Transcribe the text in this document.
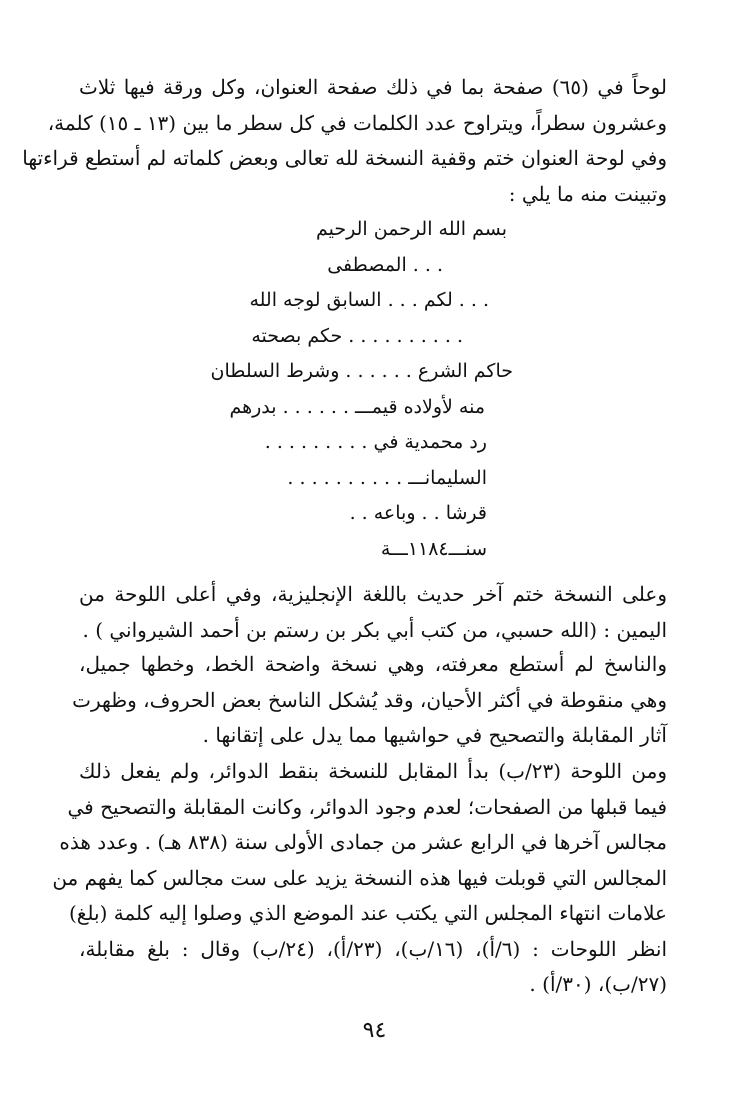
لوحاً في (٦٥) صفحة بما في ذلك صفحة العنوان، وكل ورقة فيها ثلاث
وعشرون سطراً، ويتراوح عدد الكلمات في كل سطر ما بين (١٣ ـ ١٥) كلمة،
وفي لوحة العنوان ختم وقفية النسخة لله تعالى وبعض كلماته لم أستطع قراءتها
وتبينت منه ما يلي :
بسم الله الرحمن الرحيم
. . . المصطفى
. . . لكم . . . السابق لوجه الله
. . . . . . . . . . حكم بصحته
حاكم الشرع . . . . . . وشرط السلطان
منه لأولاده قيمـــ . . . . . . بدرهم
رد محمدية في . . . . . . . . .
السليمانـــ . . . . . . . . . .
قرشا . . وباعه . .
سنـــ١١٨٤ـــة
وعلى النسخة ختم آخر حديث باللغة الإنجليزية، وفي أعلى اللوحة من
اليمين : (الله حسبي، من كتب أبي بكر بن رستم بن أحمد الشيرواني ) .
والناسخ لم أستطع معرفته، وهي نسخة واضحة الخط، وخطها جميل،
وهي منقوطة في أكثر الأحيان، وقد يُشكل الناسخ بعض الحروف، وظهرت
آثار المقابلة والتصحيح في حواشيها مما يدل على إتقانها .
ومن اللوحة (٢٣/ب) بدأ المقابل للنسخة بنقط الدوائر، ولم يفعل ذلك
فيما قبلها من الصفحات؛ لعدم وجود الدوائر، وكانت المقابلة والتصحيح في
مجالس آخرها في الرابع عشر من جمادى الأولى سنة (٨٣٨ هـ) . وعدد هذه
المجالس التي قوبلت فيها هذه النسخة يزيد على ست مجالس كما يفهم من
علامات انتهاء المجلس التي يكتب عند الموضع الذي وصلوا إليه كلمة (بلغ)
انظر اللوحات : (٦/أ)، (١٦/ب)، (٢٣/أ)، (٢٤/ب) وقال : بلغ مقابلة،
(٢٧/ب)، (٣٠/أ) .
٩٤
